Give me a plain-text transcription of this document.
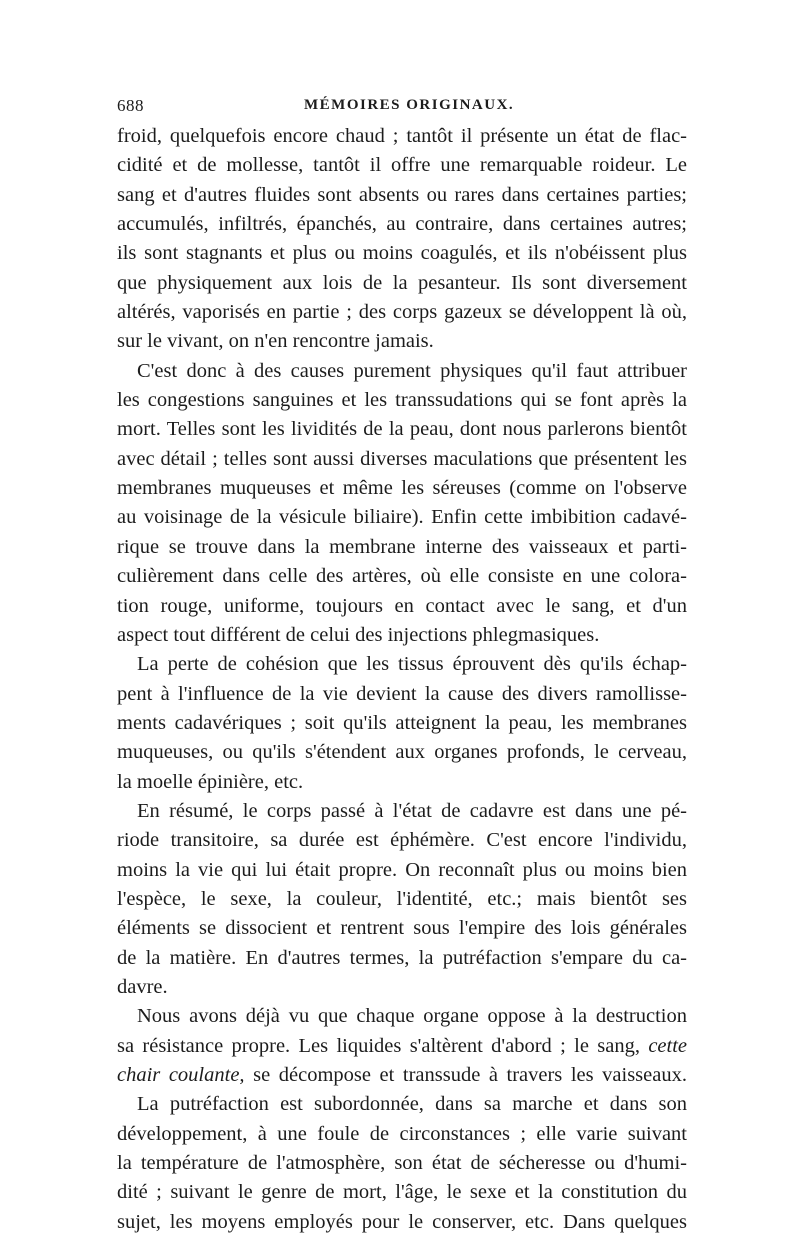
688	MÉMOIRES ORIGINAUX.
froid, quelquefois encore chaud ; tantôt il présente un état de flac-
cidité et de mollesse, tantôt il offre une remarquable roideur. Le
sang et d'autres fluides sont absents ou rares dans certaines parties;
accumulés, infiltrés, épanchés, au contraire, dans certaines autres;
ils sont stagnants et plus ou moins coagulés, et ils n'obéissent plus
que physiquement aux lois de la pesanteur. Ils sont diversement
altérés, vaporisés en partie ; des corps gazeux se développent là où,
sur le vivant, on n'en rencontre jamais.
C'est donc à des causes purement physiques qu'il faut attribuer
les congestions sanguines et les transsudations qui se font après la
mort. Telles sont les lividités de la peau, dont nous parlerons bientôt
avec détail ; telles sont aussi diverses maculations que présentent les
membranes muqueuses et même les séreuses (comme on l'observe
au voisinage de la vésicule biliaire). Enfin cette imbibition cadavé-
rique se trouve dans la membrane interne des vaisseaux et parti-
culièrement dans celle des artères, où elle consiste en une colora-
tion rouge, uniforme, toujours en contact avec le sang, et d'un
aspect tout différent de celui des injections phlegmasiques.
La perte de cohésion que les tissus éprouvent dès qu'ils échap-
pent à l'influence de la vie devient la cause des divers ramollisse-
ments cadavériques ; soit qu'ils atteignent la peau, les membranes
muqueuses, ou qu'ils s'étendent aux organes profonds, le cerveau,
la moelle épinière, etc.
En résumé, le corps passé à l'état de cadavre est dans une pé-
riode transitoire, sa durée est éphémère. C'est encore l'individu,
moins la vie qui lui était propre. On reconnaît plus ou moins bien
l'espèce, le sexe, la couleur, l'identité, etc.; mais bientôt ses
éléments se dissocient et rentrent sous l'empire des lois générales
de la matière. En d'autres termes, la putréfaction s'empare du ca-
davre.
Nous avons déjà vu que chaque organe oppose à la destruction
sa résistance propre. Les liquides s'altèrent d'abord ; le sang, cette
chair coulante, se décompose et transsude à travers les vaisseaux.
La putréfaction est subordonnée, dans sa marche et dans son
développement, à une foule de circonstances ; elle varie suivant
la température de l'atmosphère, son état de sécheresse ou d'humi-
dité ; suivant le genre de mort, l'âge, le sexe et la constitution du
sujet, les moyens employés pour le conserver, etc. Dans quelques
